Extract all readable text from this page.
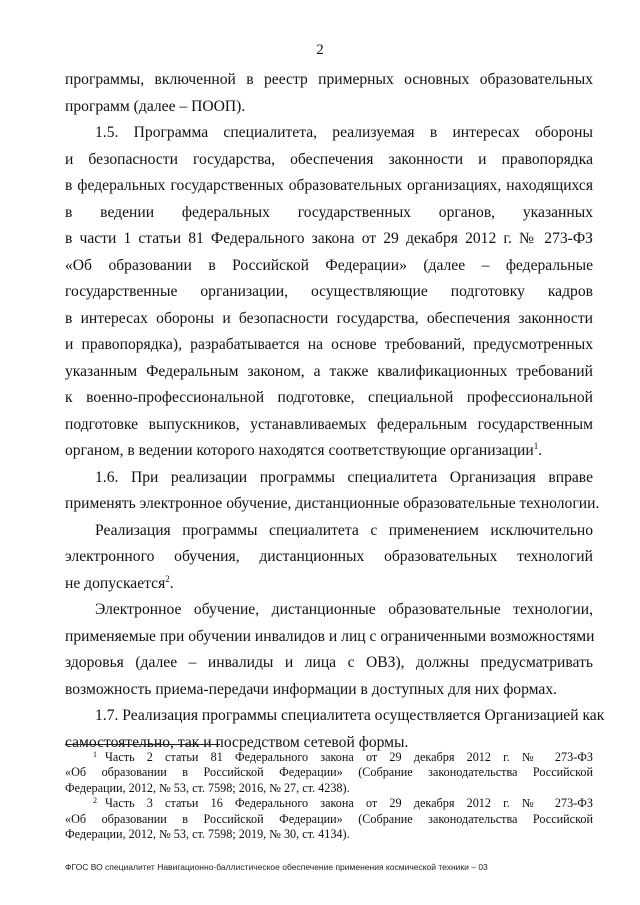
2
программы, включенной в реестр примерных основных образовательных
программ (далее – ПООП).
1.5. Программа специалитета, реализуемая в интересах обороны
и безопасности государства, обеспечения законности и правопорядка
в федеральных государственных образовательных организациях, находящихся
в ведении федеральных государственных органов, указанных
в части 1 статьи 81 Федерального закона от 29 декабря 2012 г. № 273-ФЗ
«Об образовании в Российской Федерации» (далее – федеральные
государственные организации, осуществляющие подготовку кадров
в интересах обороны и безопасности государства, обеспечения законности
и правопорядка), разрабатывается на основе требований, предусмотренных
указанным Федеральным законом, а также квалификационных требований
к военно-профессиональной подготовке, специальной профессиональной
подготовке выпускников, устанавливаемых федеральным государственным
органом, в ведении которого находятся соответствующие организации$^1$.
1.6. При реализации программы специалитета Организация вправе
применять электронное обучение, дистанционные образовательные технологии.
Реализация программы специалитета с применением исключительно
электронного обучения, дистанционных образовательных технологий
не допускается$^2$.
Электронное обучение, дистанционные образовательные технологии,
применяемые при обучении инвалидов и лиц с ограниченными возможностями
здоровья (далее – инвалиды и лица с ОВЗ), должны предусматривать
возможность приема-передачи информации в доступных для них формах.
1.7. Реализация программы специалитета осуществляется Организацией как
самостоятельно, так и посредством сетевой формы.
$^1$ Часть 2 статьи 81 Федерального закона от 29 декабря 2012 г. № 273-ФЗ
«Об образовании в Российской Федерации» (Собрание законодательства Российской
Федерации, 2012, № 53, ст. 7598; 2016, № 27, ст. 4238).
$^2$ Часть 3 статьи 16 Федерального закона от 29 декабря 2012 г. № 273-ФЗ
«Об образовании в Российской Федерации» (Собрание законодательства Российской
Федерации, 2012, № 53, ст. 7598; 2019, № 30, ст. 4134).
ФГОС ВО специалитет Навигационно-баллистическое обеспечение применения космической техники – 03
